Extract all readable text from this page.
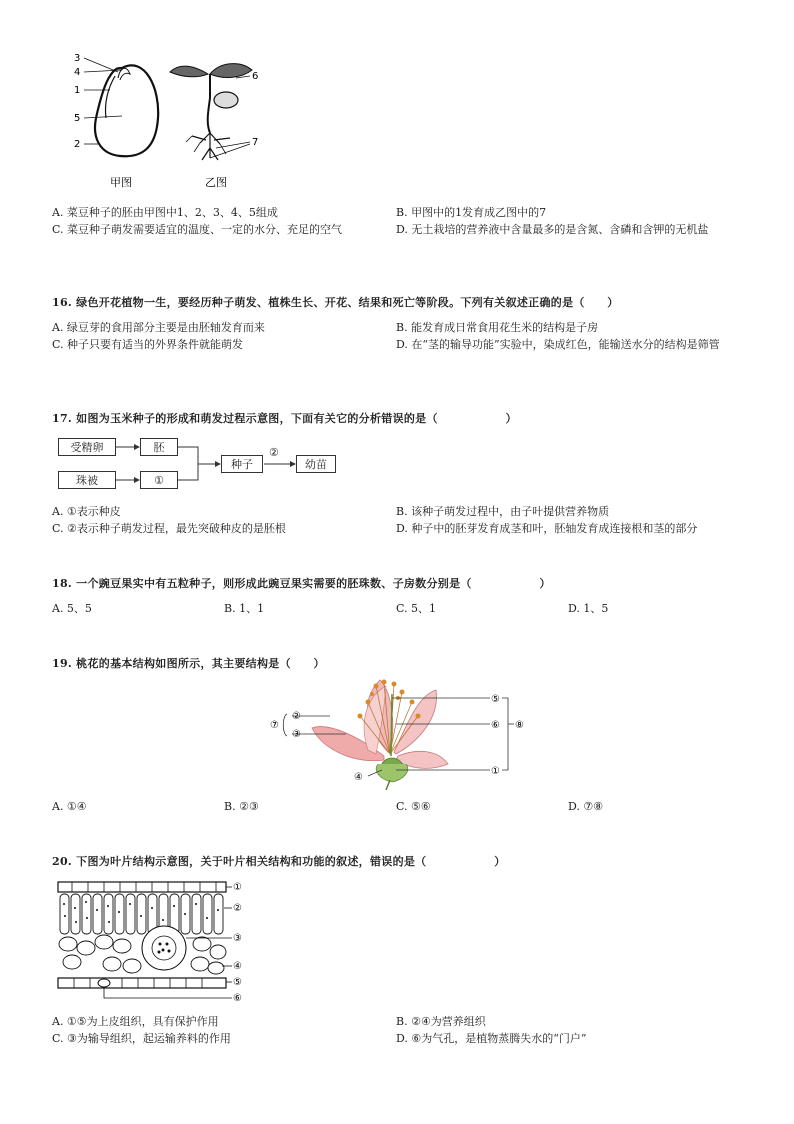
3
4
1
5
2
6
7
甲图	乙图
A. 菜豆种子的胚由甲图中1、2、3、4、5组成	B. 甲图中的1发育成乙图中的7
C. 菜豆种子萌发需要适宜的温度、一定的水分、充足的空气	D. 无土栽培的营养液中含量最多的是含氮、含磷和含钾的无机盐
16. 绿色开花植物一生，要经历种子萌发、植株生长、开花、结果和死亡等阶段。下列有关叙述正确的是（　　）
A. 绿豆芽的食用部分主要是由胚轴发育而来	B. 能发育成日常食用花生米的结构是子房
C. 种子只要有适当的外界条件就能萌发	D. 在“茎的输导功能”实验中，染成红色，能输送水分的结构是筛管
17. 如图为玉米种子的形成和萌发过程示意图，下面有关它的分析错误的是（　　　　　　）
受精卵	胚
珠被	①
种子	幼苗
②
A. ①表示种皮	B. 该种子萌发过程中，由子叶提供营养物质
C. ②表示种子萌发过程，最先突破种皮的是胚根	D. 种子中的胚芽发育成茎和叶，胚轴发育成连接根和茎的部分
18. 一个豌豆果实中有五粒种子，则形成此豌豆果实需要的胚珠数、子房数分别是（　　　　　　）
A. 5、5	B. 1、1	C. 5、1	D. 1、5
19. 桃花的基本结构如图所示，其主要结构是（　　）
⑦
②
③
④
⑤
⑥
①
⑧
A. ①④	B. ②③	C. ⑤⑥	D. ⑦⑧
20. 下图为叶片结构示意图，关于叶片相关结构和功能的叙述，错误的是（　　　　　　）
①
②
③
④
⑤
⑥
A. ①⑤为上皮组织，具有保护作用	B. ②④为营养组织
C. ③为输导组织，起运输养料的作用	D. ⑥为气孔，是植物蒸腾失水的“门户”
